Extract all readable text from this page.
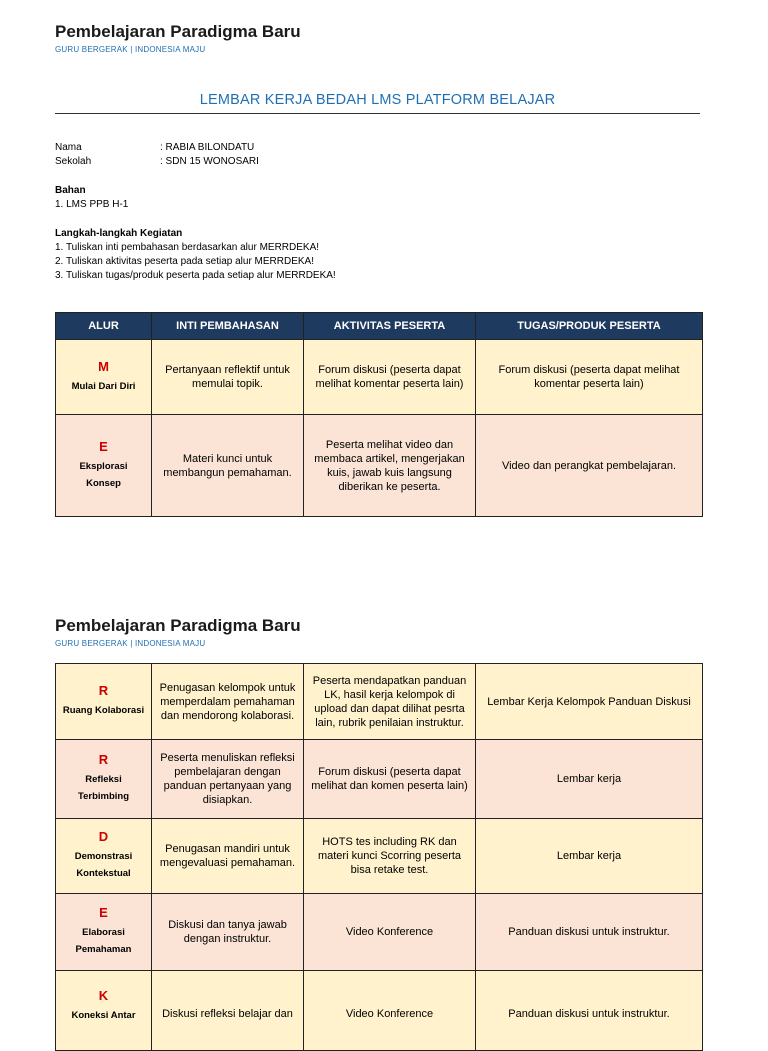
Pembelajaran Paradigma Baru
GURU BERGERAK | INDONESIA MAJU
LEMBAR KERJA BEDAH LMS PLATFORM BELAJAR
Nama	: RABIA BILONDATU
Sekolah	: SDN 15 WONOSARI
Bahan
1. LMS PPB H-1
Langkah-langkah Kegiatan
1. Tuliskan inti pembahasan berdasarkan alur MERRDEKA!
2. Tuliskan aktivitas peserta pada setiap alur MERRDEKA!
3. Tuliskan tugas/produk peserta pada setiap alur MERRDEKA!
ALUR	INTI PEMBAHASAN	AKTIVITAS PESERTA	TUGAS/PRODUK PESERTA

M
Mulai Dari Diri	Pertanyaan reflektif untuk memulai topik.	Forum diskusi (peserta dapat melihat komentar peserta lain)	Forum diskusi (peserta dapat melihat komentar peserta lain)

E
Eksplorasi Konsep	Materi kunci untuk membangun pemahaman.	Peserta melihat video dan membaca artikel, mengerjakan kuis, jawab kuis langsung diberikan ke peserta.	Video dan perangkat pembelajaran.
Pembelajaran Paradigma Baru
GURU BERGERAK | INDONESIA MAJU
R
Ruang Kolaborasi	Penugasan kelompok untuk memperdalam pemahaman dan mendorong kolaborasi.	Peserta mendapatkan panduan LK, hasil kerja kelompok di upload dan dapat dilihat pesrta lain, rubrik penilaian instruktur.	Lembar Kerja Kelompok Panduan Diskusi

R
Refleksi Terbimbing	Peserta menuliskan refleksi pembelajaran dengan panduan pertanyaan yang disiapkan.	Forum diskusi (peserta dapat melihat dan komen peserta lain)	Lembar kerja

D
Demonstrasi Kontekstual	Penugasan mandiri untuk mengevaluasi pemahaman.	HOTS tes including RK dan materi kunci Scorring peserta bisa retake test.	Lembar kerja

E
Elaborasi Pemahaman	Diskusi dan tanya jawab dengan instruktur.	Video Konference	Panduan diskusi untuk instruktur.

K
Koneksi Antar	Diskusi refleksi belajar dan	Video Konference	Panduan diskusi untuk instruktur.
